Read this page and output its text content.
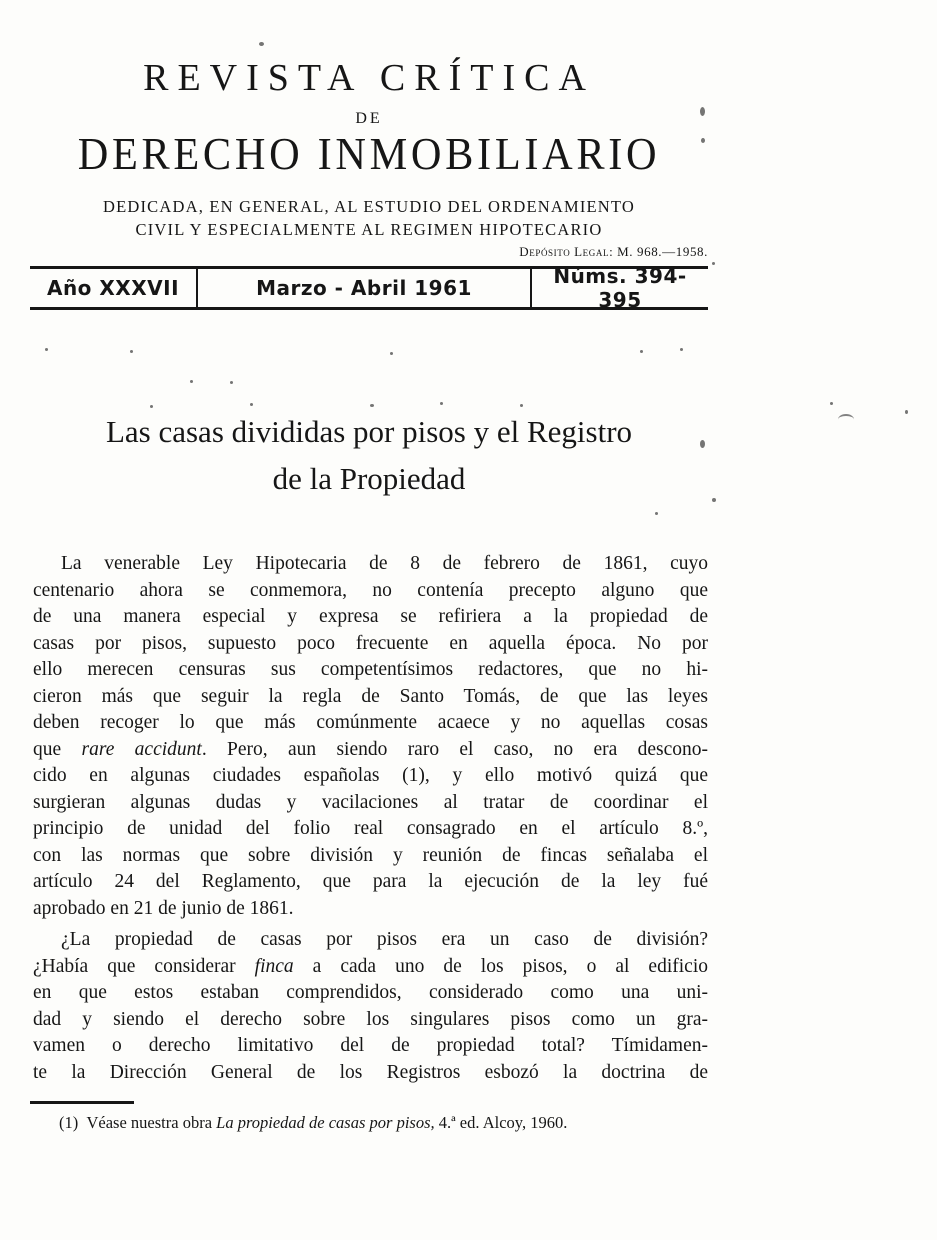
REVISTA CRÍTICA
DE
DERECHO INMOBILIARIO
DEDICADA, EN GENERAL, AL ESTUDIO DEL ORDENAMIENTO
CIVIL Y ESPECIALMENTE AL REGIMEN HIPOTECARIO
Depósito Legal: M. 968.—1958.
Año XXXVII	Marzo - Abril 1961	Núms. 394-395
Las casas divididas por pisos y el Registro
de la Propiedad
La venerable Ley Hipotecaria de 8 de febrero de 1861, cuyo
centenario ahora se conmemora, no contenía precepto alguno que
de una manera especial y expresa se refiriera a la propiedad de
casas por pisos, supuesto poco frecuente en aquella época. No por
ello merecen censuras sus competentísimos redactores, que no hi-
cieron más que seguir la regla de Santo Tomás, de que las leyes
deben recoger lo que más comúnmente acaece y no aquellas cosas
que rare accidunt. Pero, aun siendo raro el caso, no era descono-
cido en algunas ciudades españolas (1), y ello motivó quizá que
surgieran algunas dudas y vacilaciones al tratar de coordinar el
principio de unidad del folio real consagrado en el artículo 8.º,
con las normas que sobre división y reunión de fincas señalaba el
artículo 24 del Reglamento, que para la ejecución de la ley fué
aprobado en 21 de junio de 1861.
¿La propiedad de casas por pisos era un caso de división?
¿Había que considerar finca a cada uno de los pisos, o al edificio
en que estos estaban comprendidos, considerado como una uni-
dad y siendo el derecho sobre los singulares pisos como un gra-
vamen o derecho limitativo del de propiedad total? Tímidamen-
te la Dirección General de los Registros esbozó la doctrina de
(1) Véase nuestra obra La propiedad de casas por pisos, 4.ª ed. Alcoy, 1960.
